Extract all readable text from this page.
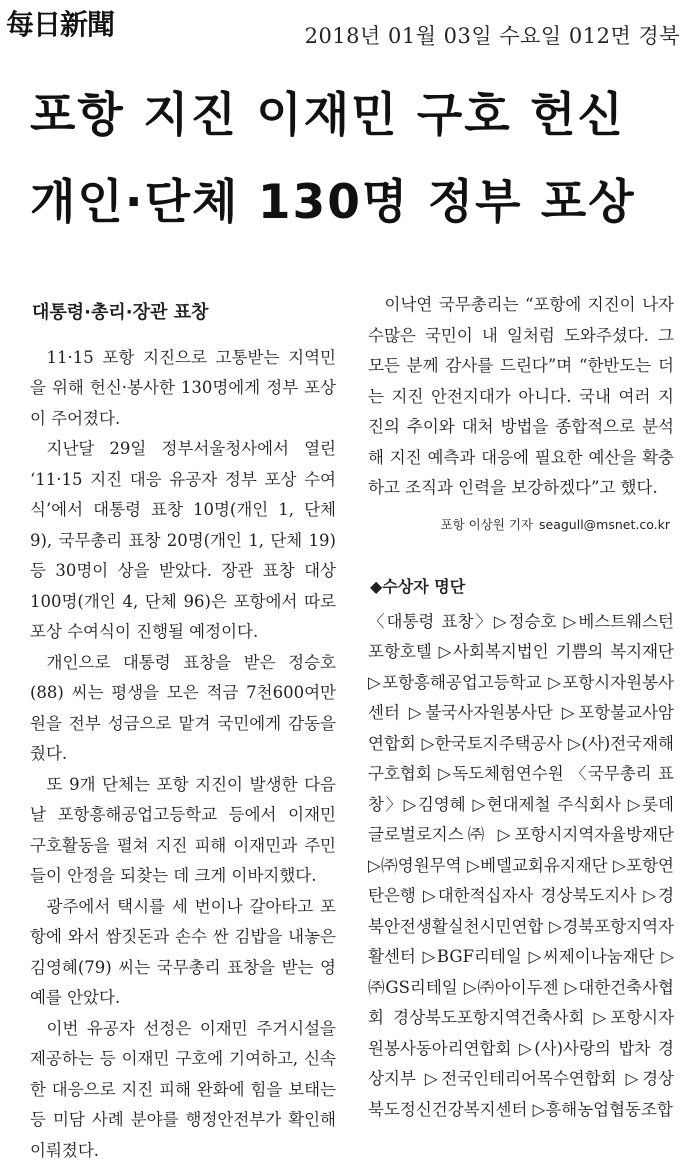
每日新聞	2018년 01월 03일 수요일 012면 경북
포항 지진 이재민 구호 헌신
개인·단체 130명 정부 포상
대통령·총리·장관 표창

11·15 포항 지진으로 고통받는 지역민을 위해 헌신·봉사한 130명에게 정부 포상이 주어졌다.

지난달 29일 정부서울청사에서 열린 ‘11·15 지진 대응 유공자 정부 포상 수여식’에서 대통령 표창 10명(개인 1, 단체 9), 국무총리 표창 20명(개인 1, 단체 19) 등 30명이 상을 받았다. 장관 표창 대상 100명(개인 4, 단체 96)은 포항에서 따로 포상 수여식이 진행될 예정이다.

개인으로 대통령 표창을 받은 정승호(88) 씨는 평생을 모은 적금 7천600여만원을 전부 성금으로 맡겨 국민에게 감동을 줬다.

또 9개 단체는 포항 지진이 발생한 다음 날 포항흥해공업고등학교 등에서 이재민 구호활동을 펼쳐 지진 피해 이재민과 주민들이 안정을 되찾는 데 크게 이바지했다.

광주에서 택시를 세 번이나 갈아타고 포항에 와서 쌈짓돈과 손수 싼 김밥을 내놓은 김영혜(79) 씨는 국무총리 표창을 받는 영예를 안았다.

이번 유공자 선정은 이재민 주거시설을 제공하는 등 이재민 구호에 기여하고, 신속한 대응으로 지진 피해 완화에 힘을 보태는 등 미담 사례 분야를 행정안전부가 확인해 이뤄졌다.

이낙연 국무총리는 “포항에 지진이 나자 수많은 국민이 내 일처럼 도와주셨다. 그 모든 분께 감사를 드린다”며 “한반도는 더는 지진 안전지대가 아니다. 국내 여러 지진의 추이와 대처 방법을 종합적으로 분석해 지진 예측과 대응에 필요한 예산을 확충하고 조직과 인력을 보강하겠다”고 했다.

포항 이상원 기자 seagull@msnet.co.kr
◆수상자 명단

〈대통령 표창〉 ▷ 정승호 ▷ 베스트웨스턴 포항호텔 ▷ 사회복지법인 기쁨의 복지재단 ▷ 포항흥해공업고등학교 ▷ 포항시자원봉사센터 ▷ 불국사자원봉사단 ▷ 포항불교사암연합회 ▷ 한국토지주택공사 ▷ (사)전국재해구호협회 ▷ 독도체험연수원 〈국무총리 표창〉 ▷ 김영혜 ▷ 현대제철 주식회사 ▷ 롯데글로벌로지스㈜ ▷ 포항시지역자율방재단 ▷ ㈜영원무역 ▷ 베델교회유지재단 ▷ 포항연탄은행 ▷ 대한적십자사 경상북도지사 ▷ 경북안전생활실천시민연합 ▷ 경북포항지역자활센터 ▷ BGF리테일 ▷ 씨제이나눔재단 ▷ ㈜GS리테일 ▷ ㈜아이두젠 ▷ 대한건축사협회 경상북도포항지역건축사회 ▷ 포항시자원봉사동아리연합회 ▷ (사)사랑의 밥차 경상지부 ▷ 전국인테리어목수연합회 ▷ 경상북도정신건강복지센터 ▷ 흥해농업협동조합
